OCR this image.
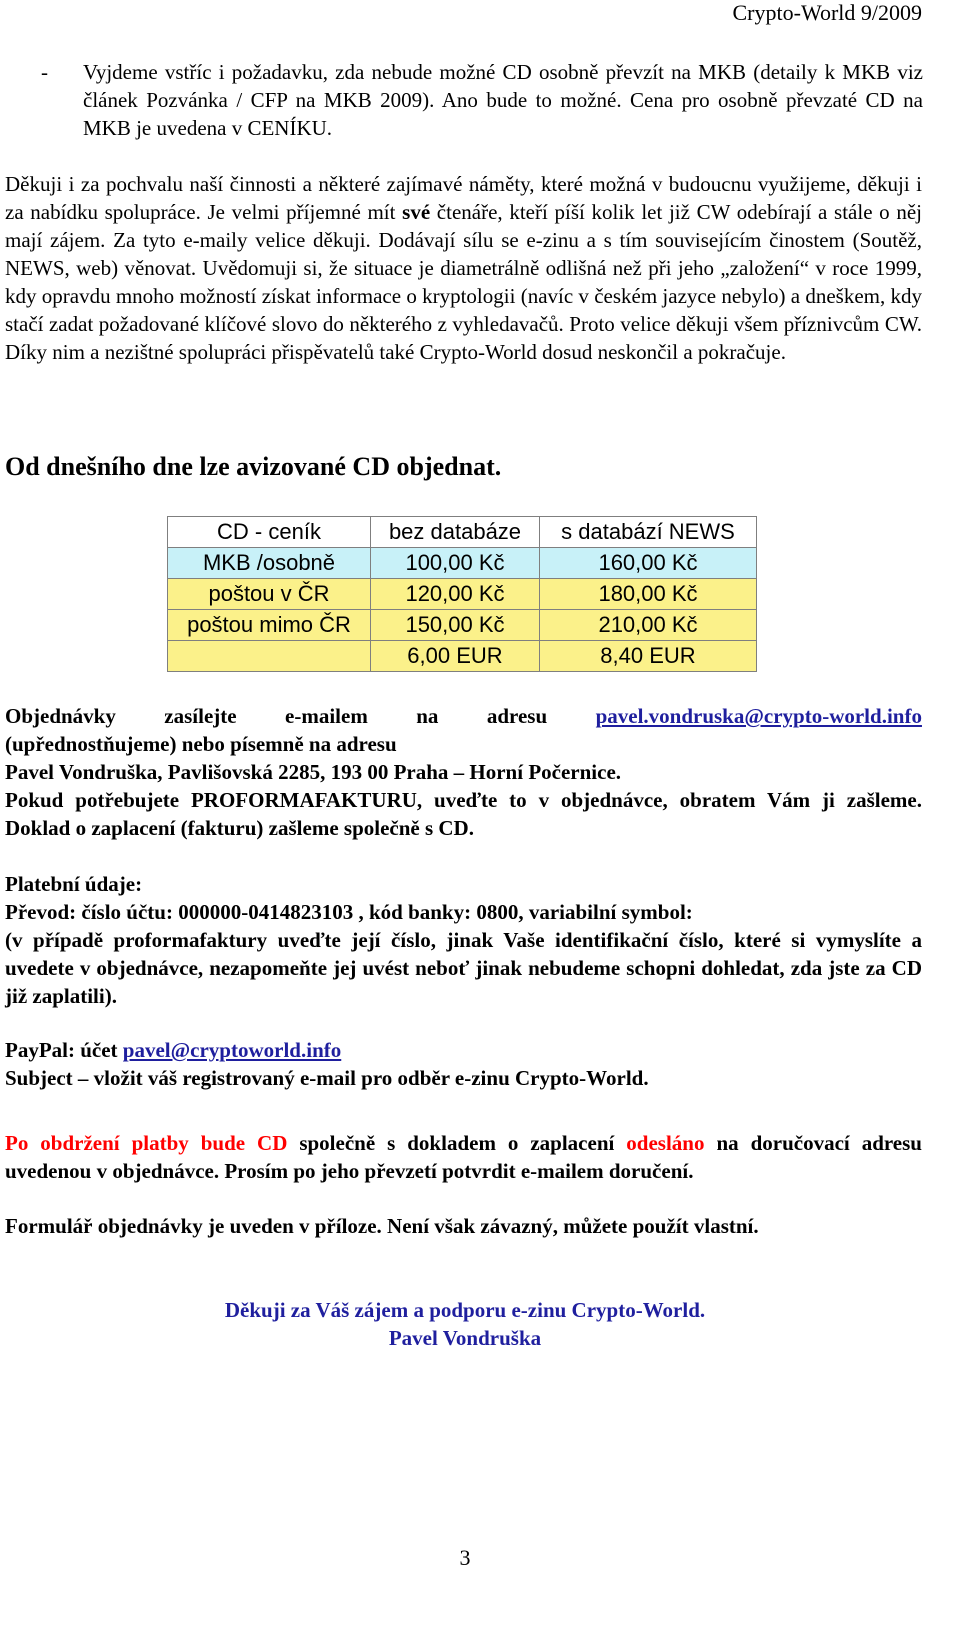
Crypto-World 9/2009
- Vyjdeme vstříc i požadavku, zda nebude možné CD osobně převzít na MKB (detaily k MKB viz článek Pozvánka / CFP na MKB 2009). Ano bude to možné. Cena pro osobně převzaté CD na MKB je uvedena v CENÍKU.

Děkuji i za pochvalu naší činnosti a některé zajímavé náměty, které možná v budoucnu využijeme, děkuji i za nabídku spolupráce. Je velmi příjemné mít své čtenáře, kteří píší kolik let již CW odebírají a stále o něj mají zájem. Za tyto e-maily velice děkuji. Dodávají sílu se e-zinu a s tím souvisejícím činostem (Soutěž, NEWS, web) věnovat. Uvědomuji si, že situace je diametrálně odlišná než při jeho „založení“ v roce 1999, kdy opravdu mnoho možností získat informace o kryptologii (navíc v českém jazyce nebylo) a dneškem, kdy stačí zadat požadované klíčové slovo do některého z vyhledavačů. Proto velice děkuji všem příznivcům CW. Díky nim a nezištné spolupráci přispěvatelů také Crypto-World dosud neskončil a pokračuje.

Od dnešního dne lze avizované CD objednat.
CD - ceník	bez databáze	s databází NEWS
MKB /osobně	100,00 Kč	160,00 Kč
poštou v ČR	120,00 Kč	180,00 Kč
poštou mimo ČR	150,00 Kč	210,00 Kč
	6,00 EUR	8,40 EUR
Objednávky zasílejte e-mailem na adresu pavel.vondruska@crypto-world.info
(upřednostňujeme) nebo písemně na adresu
Pavel Vondruška, Pavlišovská 2285, 193 00 Praha – Horní Počernice.
Pokud potřebujete PROFORMAFAKTURU, uveďte to v objednávce, obratem Vám ji zašleme. Doklad o zaplacení (fakturu) zašleme společně s CD.
Platební údaje:
Převod: číslo účtu: 000000-0414823103 , kód banky: 0800, variabilní symbol:
(v případě proformafaktury uveďte její číslo, jinak Vaše identifikační číslo, které si vymyslíte a uvedete v objednávce, nezapomeňte jej uvést neboť jinak nebudeme schopni dohledat, zda jste za CD již zaplatili).
PayPal: účet pavel@cryptoworld.info
Subject – vložit váš registrovaný e-mail pro odběr e-zinu Crypto-World.

Po obdržení platby bude CD společně s dokladem o zaplacení odesláno na doručovací adresu uvedenou v objednávce. Prosím po jeho převzetí potvrdit e-mailem doručení.

Formulář objednávky je uveden v příloze. Není však závazný, můžete použít vlastní.
Děkuji za Váš zájem a podporu e-zinu Crypto-World.
Pavel Vondruška
3
